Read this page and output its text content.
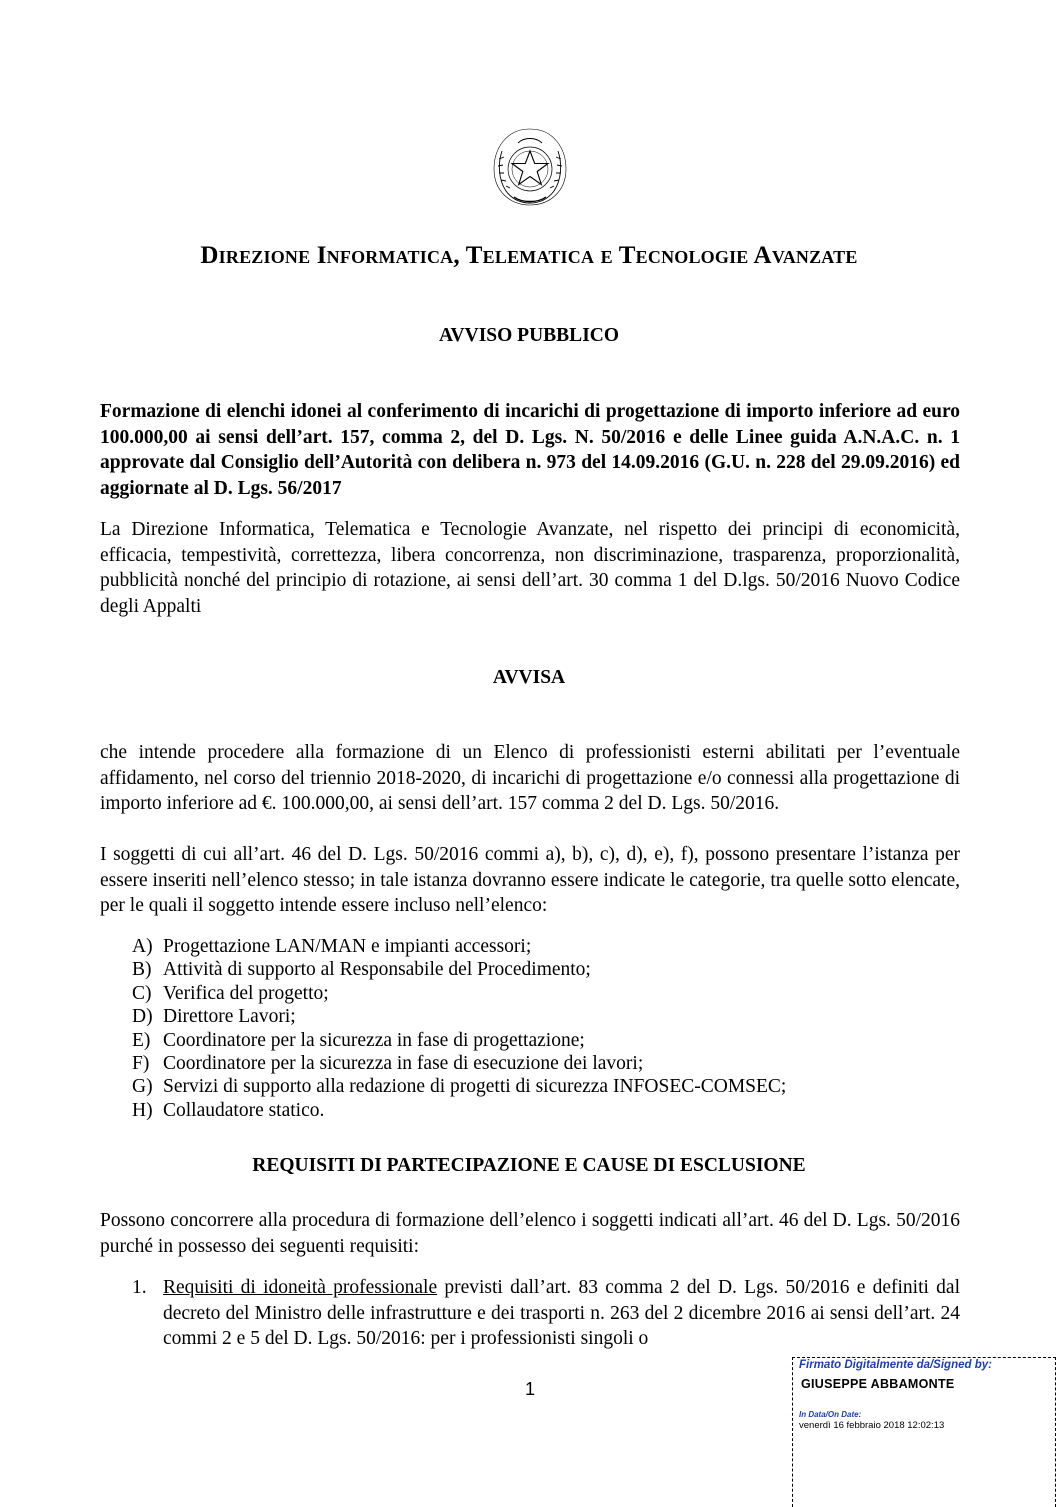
Direzione Informatica, Telematica e Tecnologie Avanzate
AVVISO PUBBLICO
Formazione di elenchi idonei al conferimento di incarichi di progettazione di importo inferiore ad euro 100.000,00 ai sensi dell’art. 157, comma 2, del D. Lgs. N. 50/2016 e delle Linee guida A.N.A.C. n. 1 approvate dal Consiglio dell’Autorità con delibera n. 973 del 14.09.2016 (G.U. n. 228 del 29.09.2016) ed aggiornate al D. Lgs. 56/2017
La Direzione Informatica, Telematica e Tecnologie Avanzate, nel rispetto dei principi di economicità, efficacia, tempestività, correttezza, libera concorrenza, non discriminazione, trasparenza, proporzionalità, pubblicità nonché del principio di rotazione, ai sensi dell’art. 30 comma 1 del D.lgs. 50/2016 Nuovo Codice degli Appalti
AVVISA
che intende procedere alla formazione di un Elenco di professionisti esterni abilitati per l’eventuale affidamento, nel corso del triennio 2018-2020, di incarichi di progettazione e/o connessi alla progettazione di importo inferiore ad €. 100.000,00, ai sensi dell’art. 157 comma 2 del D. Lgs. 50/2016.
I soggetti di cui all’art. 46 del D. Lgs. 50/2016 commi a), b), c), d), e), f), possono presentare l’istanza per essere inseriti nell’elenco stesso; in tale istanza dovranno essere indicate le categorie, tra quelle sotto elencate, per le quali il soggetto intende essere incluso nell’elenco:
A) Progettazione LAN/MAN e impianti accessori;
B) Attività di supporto al Responsabile del Procedimento;
C) Verifica del progetto;
D) Direttore Lavori;
E) Coordinatore per la sicurezza in fase di progettazione;
F) Coordinatore per la sicurezza in fase di esecuzione dei lavori;
G) Servizi di supporto alla redazione di progetti di sicurezza INFOSEC-COMSEC;
H) Collaudatore statico.
REQUISITI DI PARTECIPAZIONE E CAUSE DI ESCLUSIONE
Possono concorrere alla procedura di formazione dell’elenco i soggetti indicati all’art. 46 del D. Lgs. 50/2016 purché in possesso dei seguenti requisiti:
1. Requisiti di idoneità professionale previsti dall’art. 83 comma 2 del D. Lgs. 50/2016 e definiti dal decreto del Ministro delle infrastrutture e dei trasporti n. 263 del 2 dicembre 2016 ai sensi dell’art. 24 commi 2 e 5 del D. Lgs. 50/2016: per i professionisti singoli o
1
Firmato Digitalmente da/Signed by:
GIUSEPPE ABBAMONTE
In Data/On Date:
venerdì 16 febbraio 2018 12:02:13
